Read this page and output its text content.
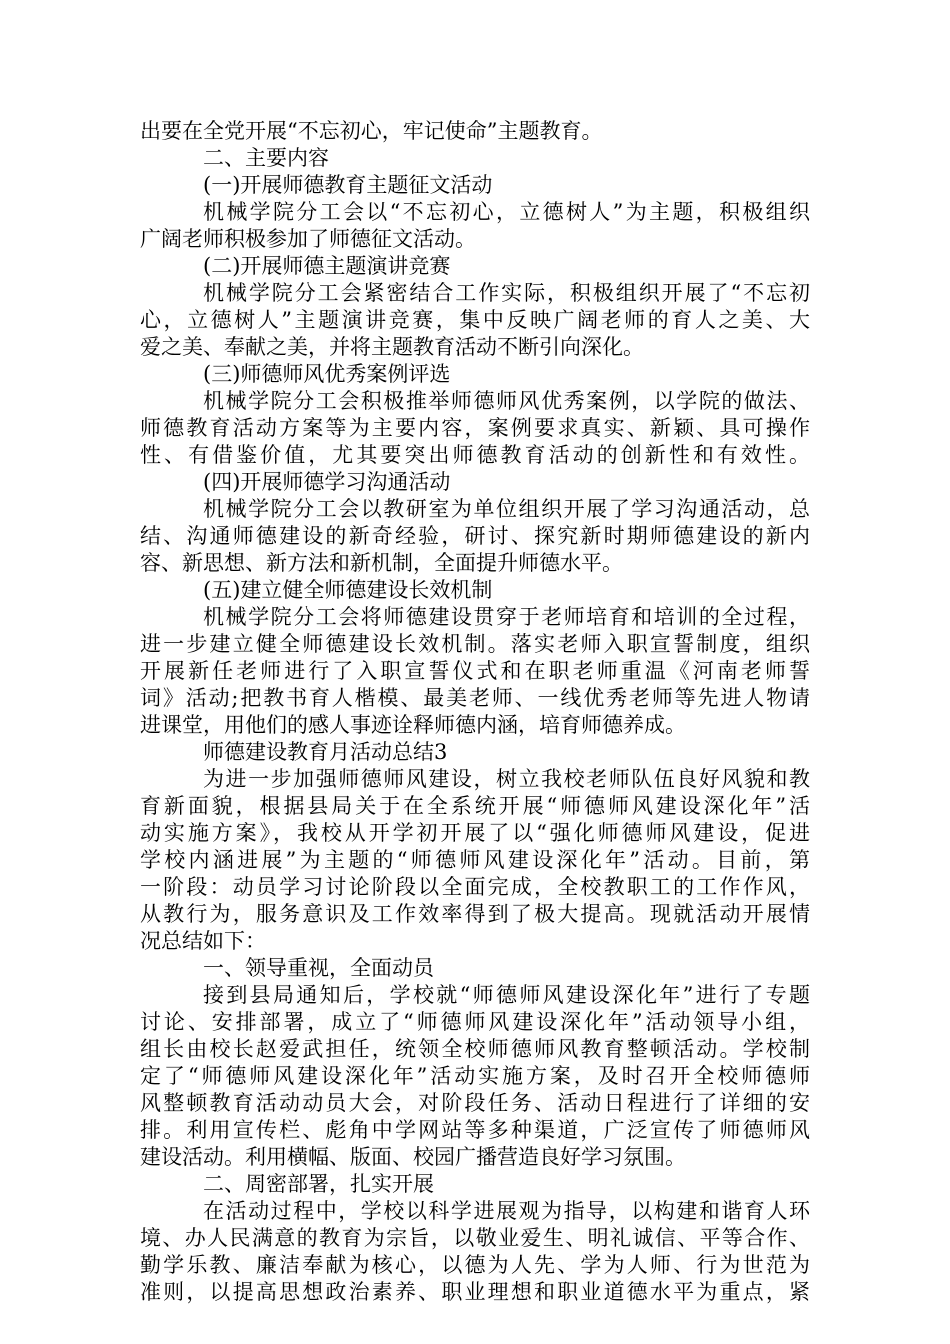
出要在全党开展“不忘初心，牢记使命”主题教育。
二、主要内容
(一)开展师德教育主题征文活动
机械学院分工会以“不忘初心，立德树人”为主题，积极组织
广阔老师积极参加了师德征文活动。
(二)开展师德主题演讲竞赛
机械学院分工会紧密结合工作实际，积极组织开展了“不忘初
心，立德树人”主题演讲竞赛，集中反映广阔老师的育人之美、大
爱之美、奉献之美，并将主题教育活动不断引向深化。
(三)师德师风优秀案例评选
机械学院分工会积极推举师德师风优秀案例，以学院的做法、
师德教育活动方案等为主要内容，案例要求真实、新颖、具可操作
性、有借鉴价值，尤其要突出师德教育活动的创新性和有效性。
(四)开展师德学习沟通活动
机械学院分工会以教研室为单位组织开展了学习沟通活动，总
结、沟通师德建设的新奇经验，研讨、探究新时期师德建设的新内
容、新思想、新方法和新机制，全面提升师德水平。
(五)建立健全师德建设长效机制
机械学院分工会将师德建设贯穿于老师培育和培训的全过程，
进一步建立健全师德建设长效机制。落实老师入职宣誓制度，组织
开展新任老师进行了入职宣誓仪式和在职老师重温《河南老师誓
词》活动;把教书育人楷模、最美老师、一线优秀老师等先进人物请
进课堂，用他们的感人事迹诠释师德内涵，培育师德养成。
师德建设教育月活动总结3
为进一步加强师德师风建设，树立我校老师队伍良好风貌和教
育新面貌，根据县局关于在全系统开展“师德师风建设深化年”活
动实施方案》，我校从开学初开展了以“强化师德师风建设，促进
学校内涵进展”为主题的“师德师风建设深化年”活动。目前，第
一阶段：动员学习讨论阶段以全面完成，全校教职工的工作作风，
从教行为，服务意识及工作效率得到了极大提高。现就活动开展情
况总结如下：
一、领导重视，全面动员
接到县局通知后，学校就“师德师风建设深化年”进行了专题
讨论、安排部署，成立了“师德师风建设深化年”活动领导小组，
组长由校长赵爱武担任，统领全校师德师风教育整顿活动。学校制
定了“师德师风建设深化年”活动实施方案，及时召开全校师德师
风整顿教育活动动员大会，对阶段任务、活动日程进行了详细的安
排。利用宣传栏、彪角中学网站等多种渠道，广泛宣传了师德师风
建设活动。利用横幅、版面、校园广播营造良好学习氛围。
二、周密部署，扎实开展
在活动过程中，学校以科学进展观为指导，以构建和谐育人环
境、办人民满意的教育为宗旨，以敬业爱生、明礼诚信、平等合作、
勤学乐教、廉洁奉献为核心，以德为人先、学为人师、行为世范为
准则，以提高思想政治素养、职业理想和职业道德水平为重点，紧
